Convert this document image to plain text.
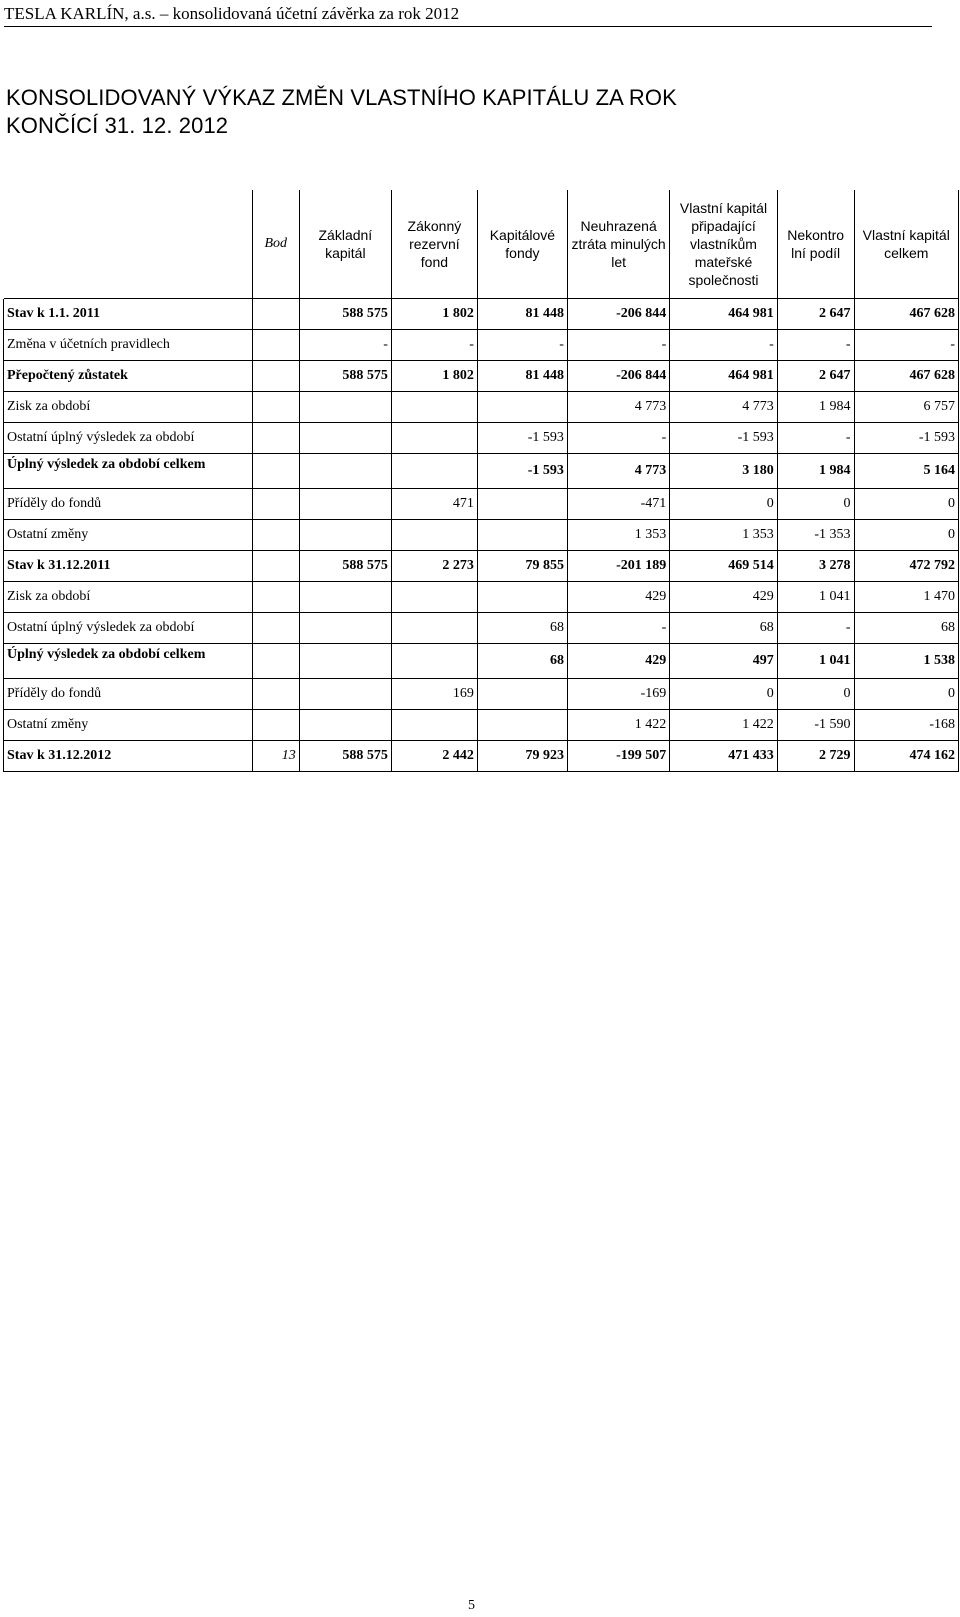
TESLA KARLÍN, a.s. – konsolidovaná účetní závěrka za rok 2012
KONSOLIDOVANÝ VÝKAZ ZMĚN VLASTNÍHO KAPITÁLU ZA ROK
KONČÍCÍ 31. 12. 2012
	Bod	Základní kapitál	Zákonný rezervní fond	Kapitálové fondy	Neuhrazená ztráta minulých let	Vlastní kapitál připadající vlastníkům mateřské společnosti	Nekontro lní podíl	Vlastní kapitál celkem
Stav k 1.1. 2011		588 575	1 802	81 448	-206 844	464 981	2 647	467 628
Změna v účetních pravidlech		-	-	-	-	-	-	-
Přepočtený zůstatek		588 575	1 802	81 448	-206 844	464 981	2 647	467 628
Zisk za období					4 773	4 773	1 984	6 757
Ostatní úplný výsledek za období				-1 593	-	-1 593	-	-1 593
Úplný výsledek za období celkem				-1 593	4 773	3 180	1 984	5 164
Příděly do fondů			471		-471	0	0	0
Ostatní změny					1 353	1 353	-1 353	0
Stav k 31.12.2011		588 575	2 273	79 855	-201 189	469 514	3 278	472 792
Zisk za období					429	429	1 041	1 470
Ostatní úplný výsledek za období				68	-	68	-	68
Úplný výsledek za období celkem				68	429	497	1 041	1 538
Příděly do fondů			169		-169	0	0	0
Ostatní změny					1 422	1 422	-1 590	-168
Stav k 31.12.2012	13	588 575	2 442	79 923	-199 507	471 433	2 729	474 162
5
